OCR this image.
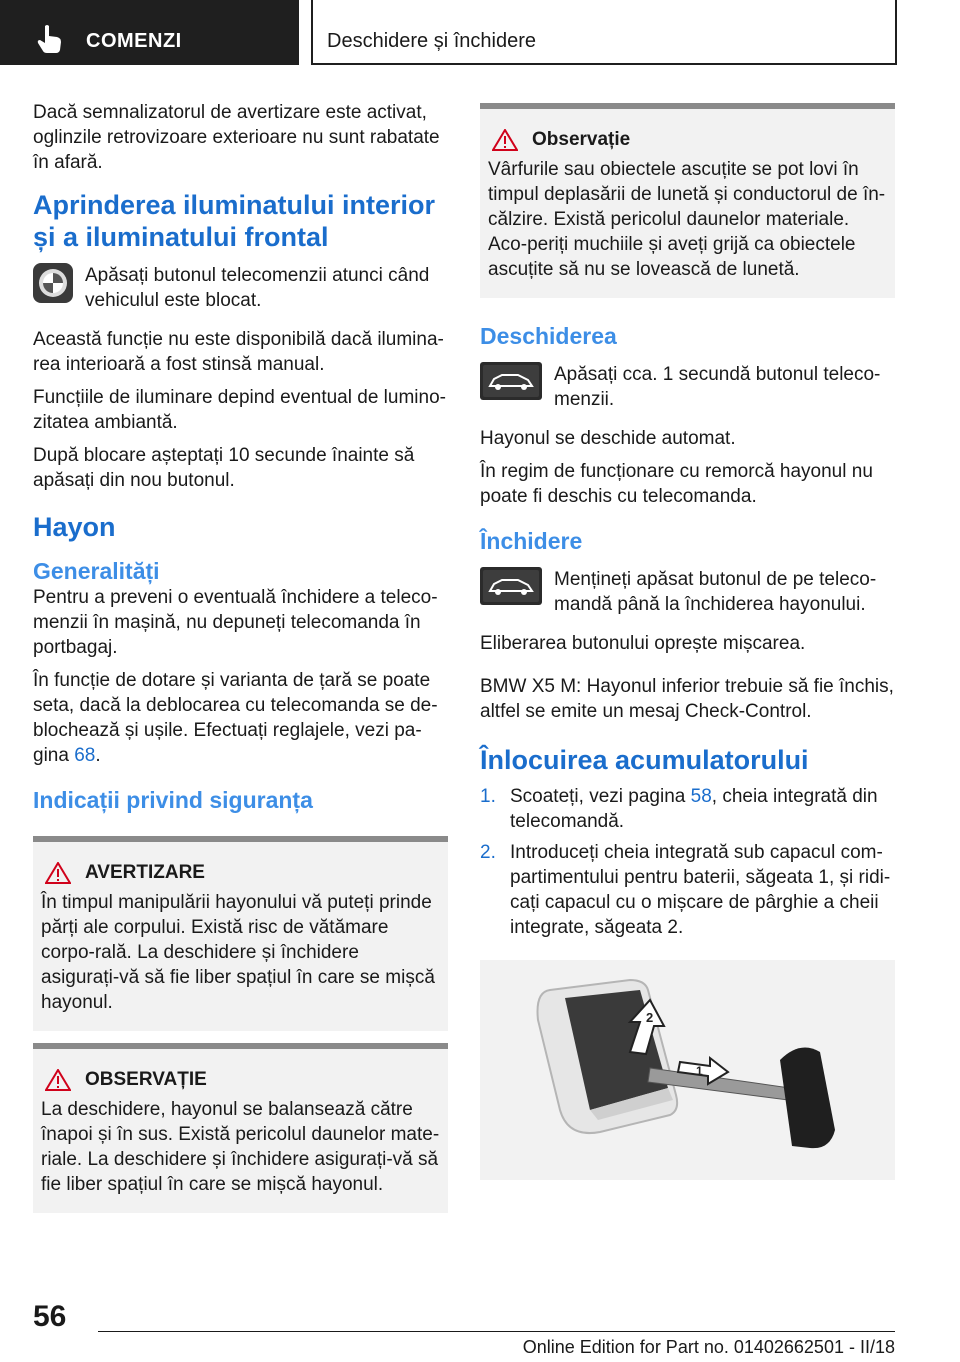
COMENZI	Deschidere și închidere

Dacă semnalizatorul de avertizare este activat, oglinzile retrovizoare exterioare nu sunt rabatate în afară.

Aprinderea iluminatului interior și a iluminatului frontal

Apăsați butonul telecomenzii atunci când vehiculul este blocat.

Această funcție nu este disponibilă dacă ilumina-rea interioară a fost stinsă manual.

Funcțiile de iluminare depind eventual de lumino-zitatea ambiantă.

După blocare așteptați 10 secunde înainte să apăsați din nou butonul.

Hayon
Generalități

Pentru a preveni o eventuală închidere a teleco-menzii în mașină, nu depuneți telecomanda în portbagaj.

În funcție de dotare și varianta de țară se poate seta, dacă la deblocarea cu telecomanda se de-blochează și ușile. Efectuați reglajele, vezi pa-gina 68.

Indicații privind siguranța
AVERTIZARE

În timpul manipulării hayonului vă puteți prinde părți ale corpului. Există risc de vătămare corpo-rală. La deschidere și închidere asigurați-vă să fie liber spațiul în care se mișcă hayonul.

OBSERVAȚIE

La deschidere, hayonul se balansează către înapoi și în sus. Există pericolul daunelor mate-riale. La deschidere și închidere asigurați-vă să fie liber spațiul în care se mișcă hayonul.

Observație

Vârfurile sau obiectele ascuțite se pot lovi în timpul deplasării de lunetă și conductorul de în-călzire. Există pericolul daunelor materiale. Aco-periți muchiile și aveți grijă ca obiectele ascuțite să nu se lovească de lunetă.

Deschiderea

Apăsați cca. 1 secundă butonul teleco-menzii.

Hayonul se deschide automat.

În regim de funcționare cu remorcă hayonul nu poate fi deschis cu telecomanda.

Închidere

Mențineți apăsat butonul de pe teleco-mandă până la închiderea hayonului.

Eliberarea butonului oprește mișcarea.

BMW X5 M: Hayonul inferior trebuie să fie închis, altfel se emite un mesaj Check-Control.

Înlocuirea acumulatorului
1. Scoateți, vezi pagina 58, cheia integrată din telecomandă.
2. Introduceți cheia integrată sub capacul com-partimentului pentru baterii, săgeata 1, și ridi-cați capacul cu o mișcare de pârghie a cheii integrate, săgeata 2.
1
2
56
Online Edition for Part no. 01402662501 - II/18
